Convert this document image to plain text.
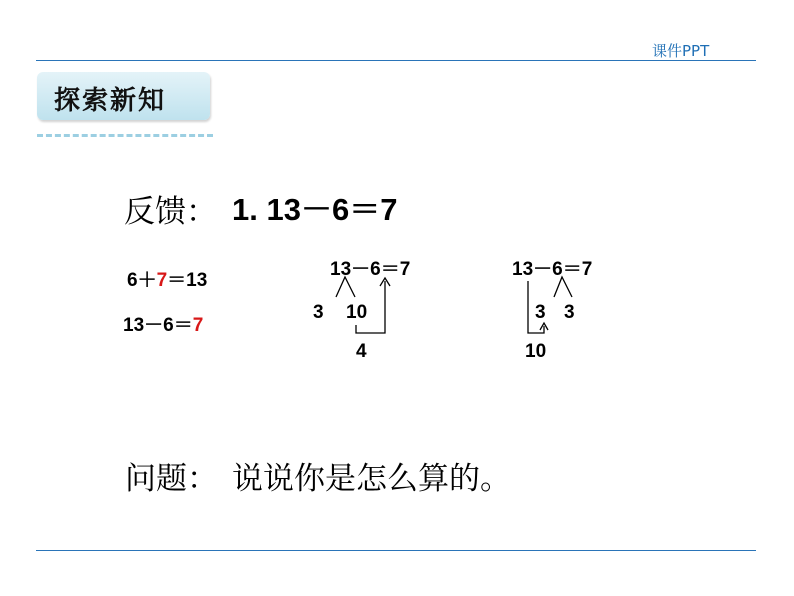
课件PPT
探索新知
反馈： 1. 13－6＝7
6＋7＝13
13－6＝7
13－6＝7
3 10
4
13－6＝7
3 3
10
问题： 说说你是怎么算的。
